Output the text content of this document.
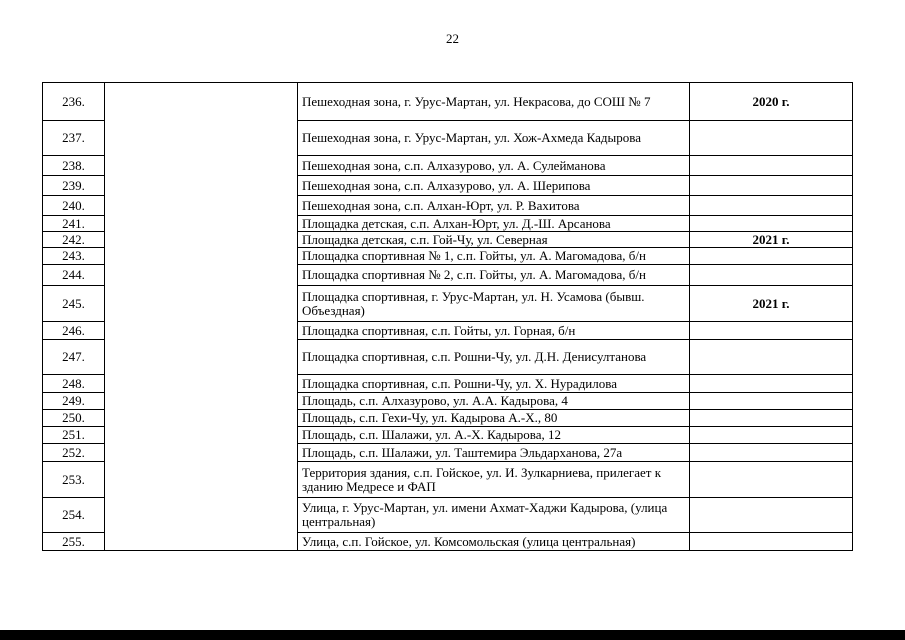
22
236.		Пешеходная зона, г. Урус-Мартан, ул. Некрасова, до СОШ № 7	2020 г.
237.		Пешеходная зона, г. Урус-Мартан, ул. Хож-Ахмеда Кадырова	
238.		Пешеходная зона, с.п. Алхазурово, ул. А. Сулейманова	
239.		Пешеходная зона, с.п. Алхазурово, ул. А. Шерипова	
240.		Пешеходная зона, с.п. Алхан-Юрт, ул. Р. Вахитова	
241.		Площадка детская, с.п. Алхан-Юрт, ул. Д.-Ш. Арсанова	
242.		Площадка детская, с.п. Гой-Чу, ул. Северная	2021 г.
243.		Площадка спортивная № 1, с.п. Гойты, ул. А. Магомадова, б/н	
244.		Площадка спортивная № 2, с.п. Гойты, ул. А. Магомадова, б/н	
245.		Площадка спортивная, г. Урус-Мартан, ул. Н. Усамова (бывш. Объездная)	2021 г.
246.		Площадка спортивная, с.п. Гойты, ул. Горная, б/н	
247.		Площадка спортивная, с.п. Рошни-Чу, ул. Д.Н. Денисултанова	
248.		Площадка спортивная, с.п. Рошни-Чу, ул. Х. Нурадилова	
249.		Площадь, с.п. Алхазурово, ул. А.А. Кадырова, 4	
250.		Площадь, с.п. Гехи-Чу, ул. Кадырова А.-Х., 80	
251.		Площадь, с.п. Шалажи, ул. А.-Х. Кадырова, 12	
252.		Площадь, с.п. Шалажи, ул. Таштемира Эльдарханова, 27а	
253.		Территория здания, с.п. Гойское, ул. И. Зулкарниева, прилегает к зданию Медресе и ФАП	
254.		Улица, г. Урус-Мартан, ул. имени Ахмат-Хаджи Кадырова, (улица центральная)	
255.		Улица, с.п. Гойское, ул. Комсомольская (улица центральная)	
